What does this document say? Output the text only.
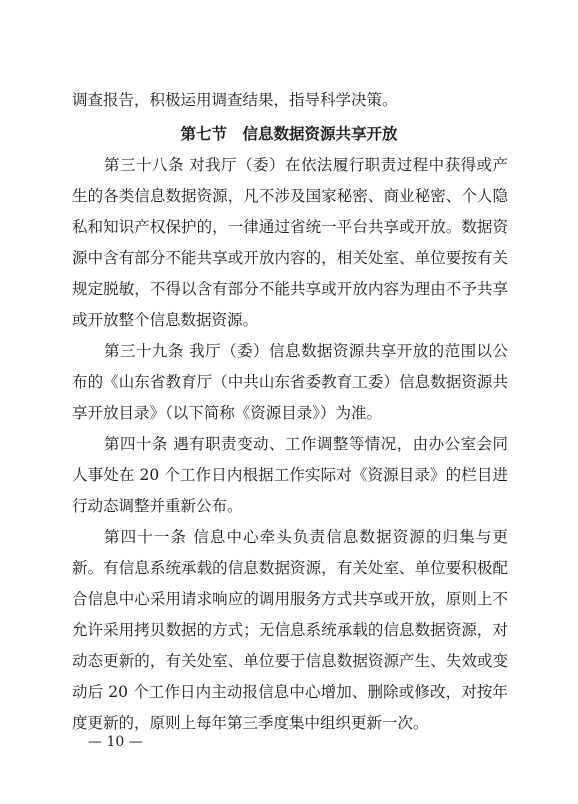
调查报告，积极运用调查结果，指导科学决策。
第七节　信息数据资源共享开放
第三十八条 对我厅（委）在依法履行职责过程中获得或产
生的各类信息数据资源，凡不涉及国家秘密、商业秘密、个人隐
私和知识产权保护的，一律通过省统一平台共享或开放。数据资
源中含有部分不能共享或开放内容的，相关处室、单位要按有关
规定脱敏，不得以含有部分不能共享或开放内容为理由不予共享
或开放整个信息数据资源。
第三十九条 我厅（委）信息数据资源共享开放的范围以公
布的《山东省教育厅（中共山东省委教育工委）信息数据资源共
享开放目录》（以下简称《资源目录》）为准。
第四十条 遇有职责变动、工作调整等情况，由办公室会同
人事处在 20 个工作日内根据工作实际对《资源目录》的栏目进
行动态调整并重新公布。
第四十一条 信息中心牵头负责信息数据资源的归集与更
新。有信息系统承载的信息数据资源，有关处室、单位要积极配
合信息中心采用请求响应的调用服务方式共享或开放，原则上不
允许采用拷贝数据的方式；无信息系统承载的信息数据资源，对
动态更新的，有关处室、单位要于信息数据资源产生、失效或变
动后 20 个工作日内主动报信息中心增加、删除或修改，对按年
度更新的，原则上每年第三季度集中组织更新一次。
— 10 —
